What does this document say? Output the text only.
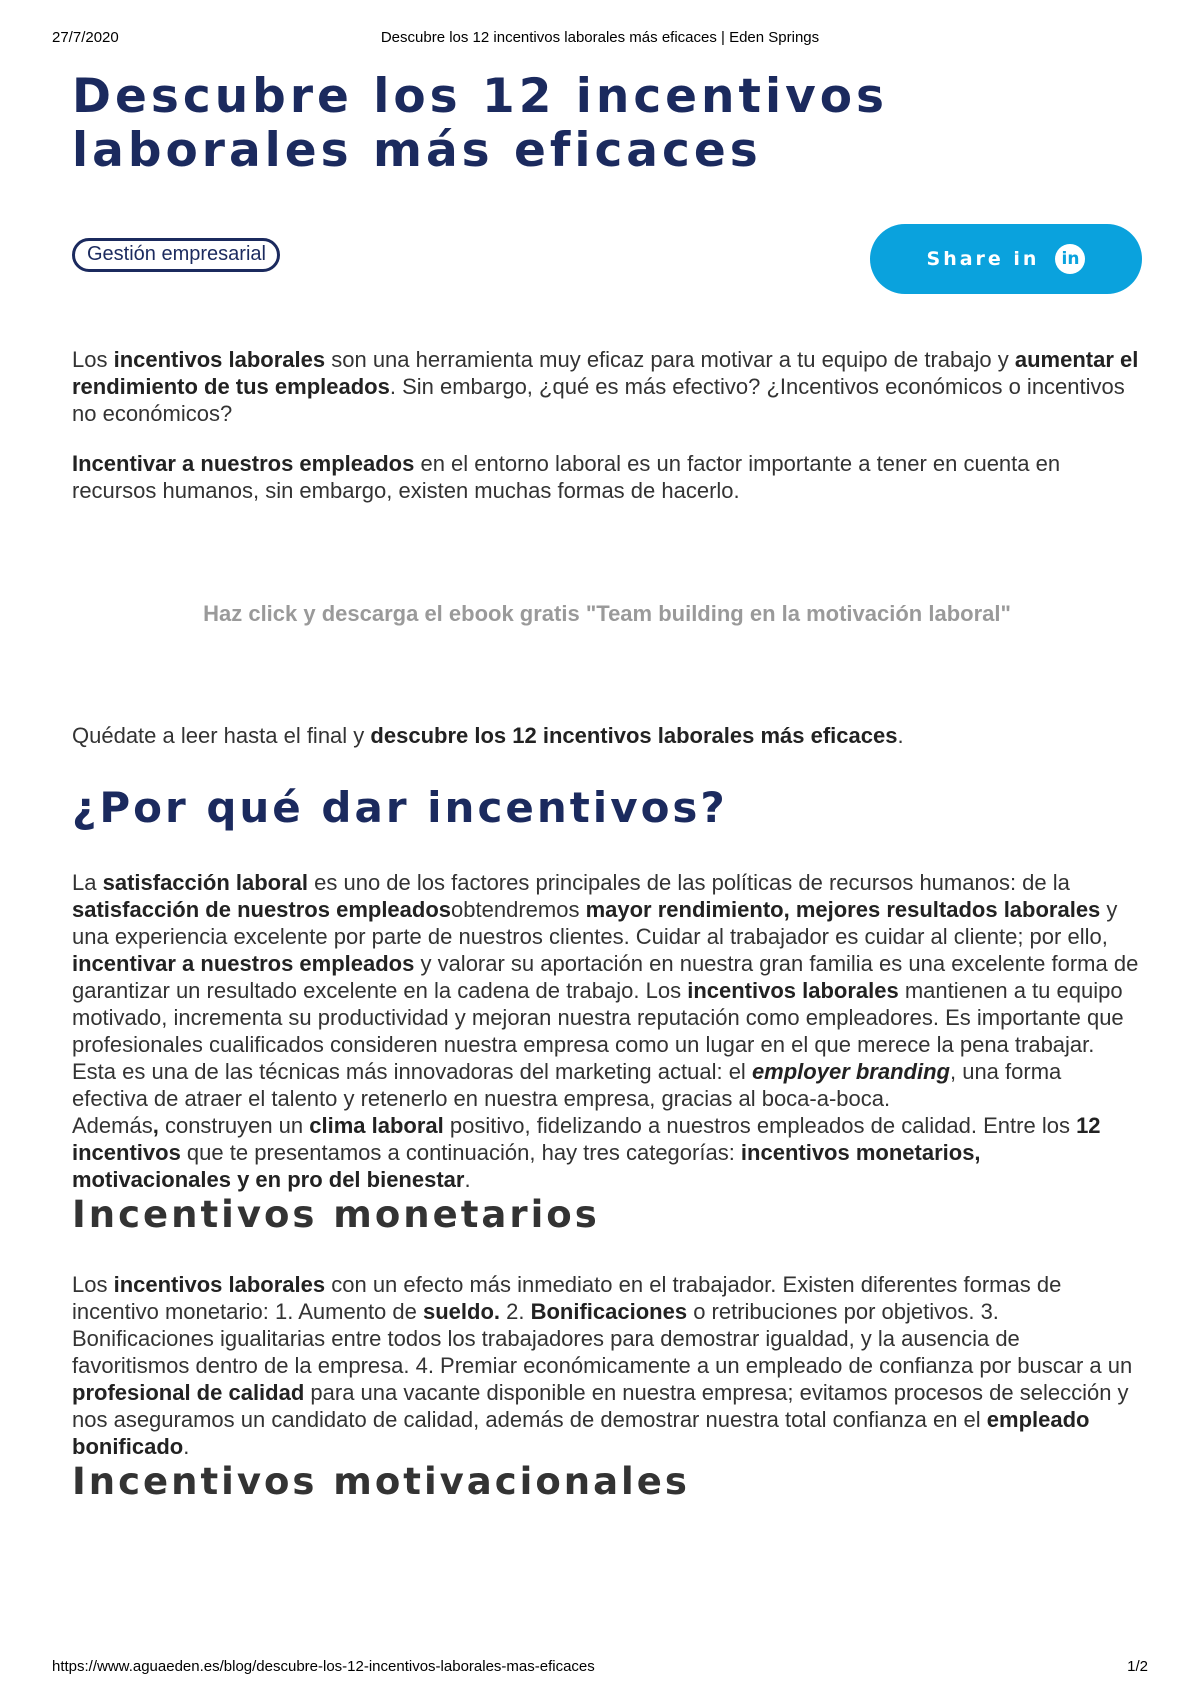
27/7/2020	Descubre los 12 incentivos laborales más eficaces | Eden Springs
Descubre los 12 incentivos
laborales más eficaces
Gestión empresarial	Share in	in

Los incentivos laborales son una herramienta muy eficaz para motivar a tu equipo de trabajo y aumentar el rendimiento de tus empleados. Sin embargo, ¿qué es más efectivo? ¿Incentivos económicos o incentivos no económicos?

Incentivar a nuestros empleados en el entorno laboral es un factor importante a tener en cuenta en recursos humanos, sin embargo, existen muchas formas de hacerlo.

Haz click y descarga el ebook gratis "Team building en la motivación laboral"

Quédate a leer hasta el final y descubre los 12 incentivos laborales más eficaces.

¿Por qué dar incentivos?

La satisfacción laboral es uno de los factores principales de las políticas de recursos humanos: de la satisfacción de nuestros empleadosobtendremos mayor rendimiento, mejores resultados laborales y una experiencia excelente por parte de nuestros clientes. Cuidar al trabajador es cuidar al cliente; por ello, incentivar a nuestros empleados y valorar su aportación en nuestra gran familia es una excelente forma de garantizar un resultado excelente en la cadena de trabajo. Los incentivos laborales mantienen a tu equipo motivado, incrementa su productividad y mejoran nuestra reputación como empleadores. Es importante que profesionales cualificados consideren nuestra empresa como un lugar en el que merece la pena trabajar. Esta es una de las técnicas más innovadoras del marketing actual: el employer branding, una forma efectiva de atraer el talento y retenerlo en nuestra empresa, gracias al boca-a-boca.
Además, construyen un clima laboral positivo, fidelizando a nuestros empleados de calidad. Entre los 12 incentivos que te presentamos a continuación, hay tres categorías: incentivos monetarios, motivacionales y en pro del bienestar.

Incentivos monetarios

Los incentivos laborales con un efecto más inmediato en el trabajador. Existen diferentes formas de incentivo monetario: 1. Aumento de sueldo. 2. Bonificaciones o retribuciones por objetivos. 3. Bonificaciones igualitarias entre todos los trabajadores para demostrar igualdad, y la ausencia de favoritismos dentro de la empresa. 4. Premiar económicamente a un empleado de confianza por buscar a un profesional de calidad para una vacante disponible en nuestra empresa; evitamos procesos de selección y nos aseguramos un candidato de calidad, además de demostrar nuestra total confianza en el empleado bonificado.

Incentivos motivacionales
https://www.aguaeden.es/blog/descubre-los-12-incentivos-laborales-mas-eficaces	1/2
